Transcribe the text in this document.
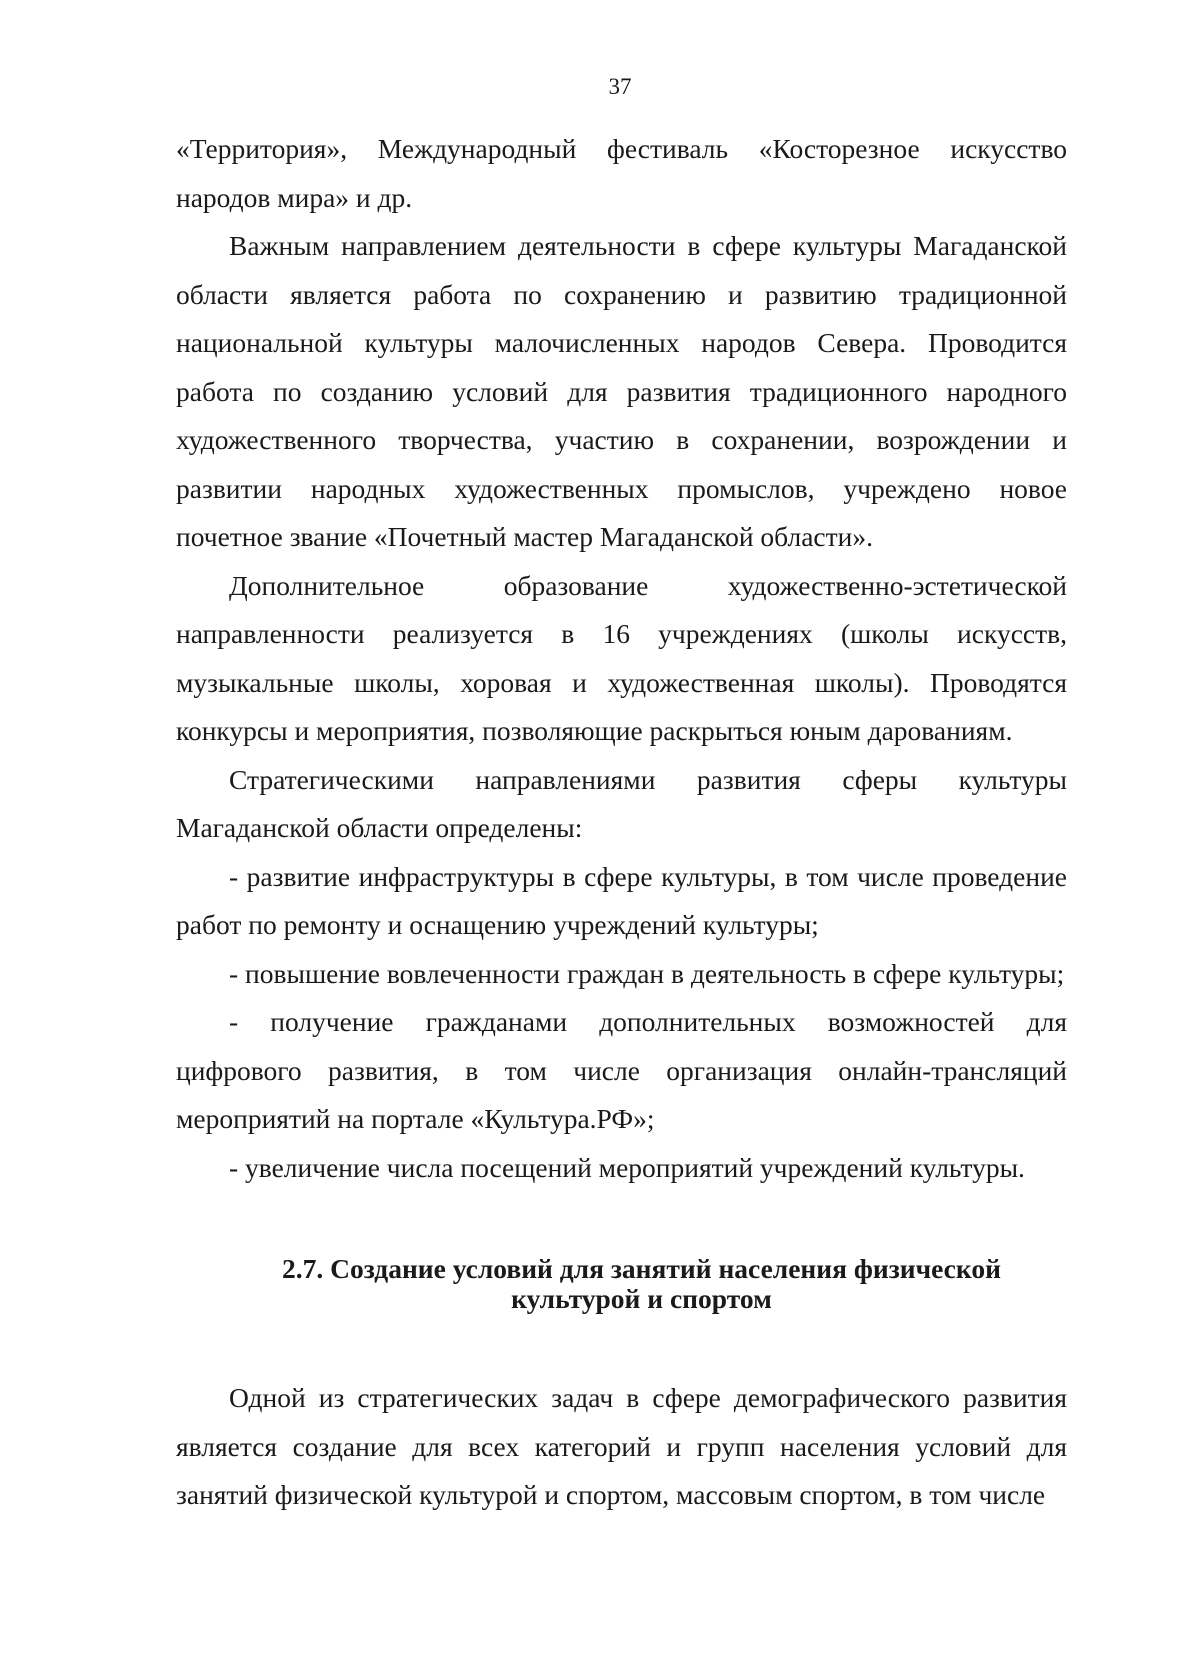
37

«Территория», Международный фестиваль «Косторезное искусство народов мира» и др.

Важным направлением деятельности в сфере культуры Магаданской области является работа по сохранению и развитию традиционной национальной культуры малочисленных народов Севера. Проводится работа по созданию условий для развития традиционного народного художественного творчества, участию в сохранении, возрождении и развитии народных художественных промыслов, учреждено новое почетное звание «Почетный мастер Магаданской области».

Дополнительное образование художественно-эстетической направленности реализуется в 16 учреждениях (школы искусств, музыкальные школы, хоровая и художественная школы). Проводятся конкурсы и мероприятия, позволяющие раскрыться юным дарованиям.

Стратегическими направлениями развития сферы культуры Магаданской области определены:

- развитие инфраструктуры в сфере культуры, в том числе проведение работ по ремонту и оснащению учреждений культуры;

- повышение вовлеченности граждан в деятельность в сфере культуры;

- получение гражданами дополнительных возможностей для цифрового развития, в том числе организация онлайн-трансляций мероприятий на портале «Культура.РФ»;

- увеличение числа посещений мероприятий учреждений культуры.

2.7. Создание условий для занятий населения физической
культурой и спортом

Одной из стратегических задач в сфере демографического развития является создание для всех категорий и групп населения условий для занятий физической культурой и спортом, массовым спортом, в том числе
